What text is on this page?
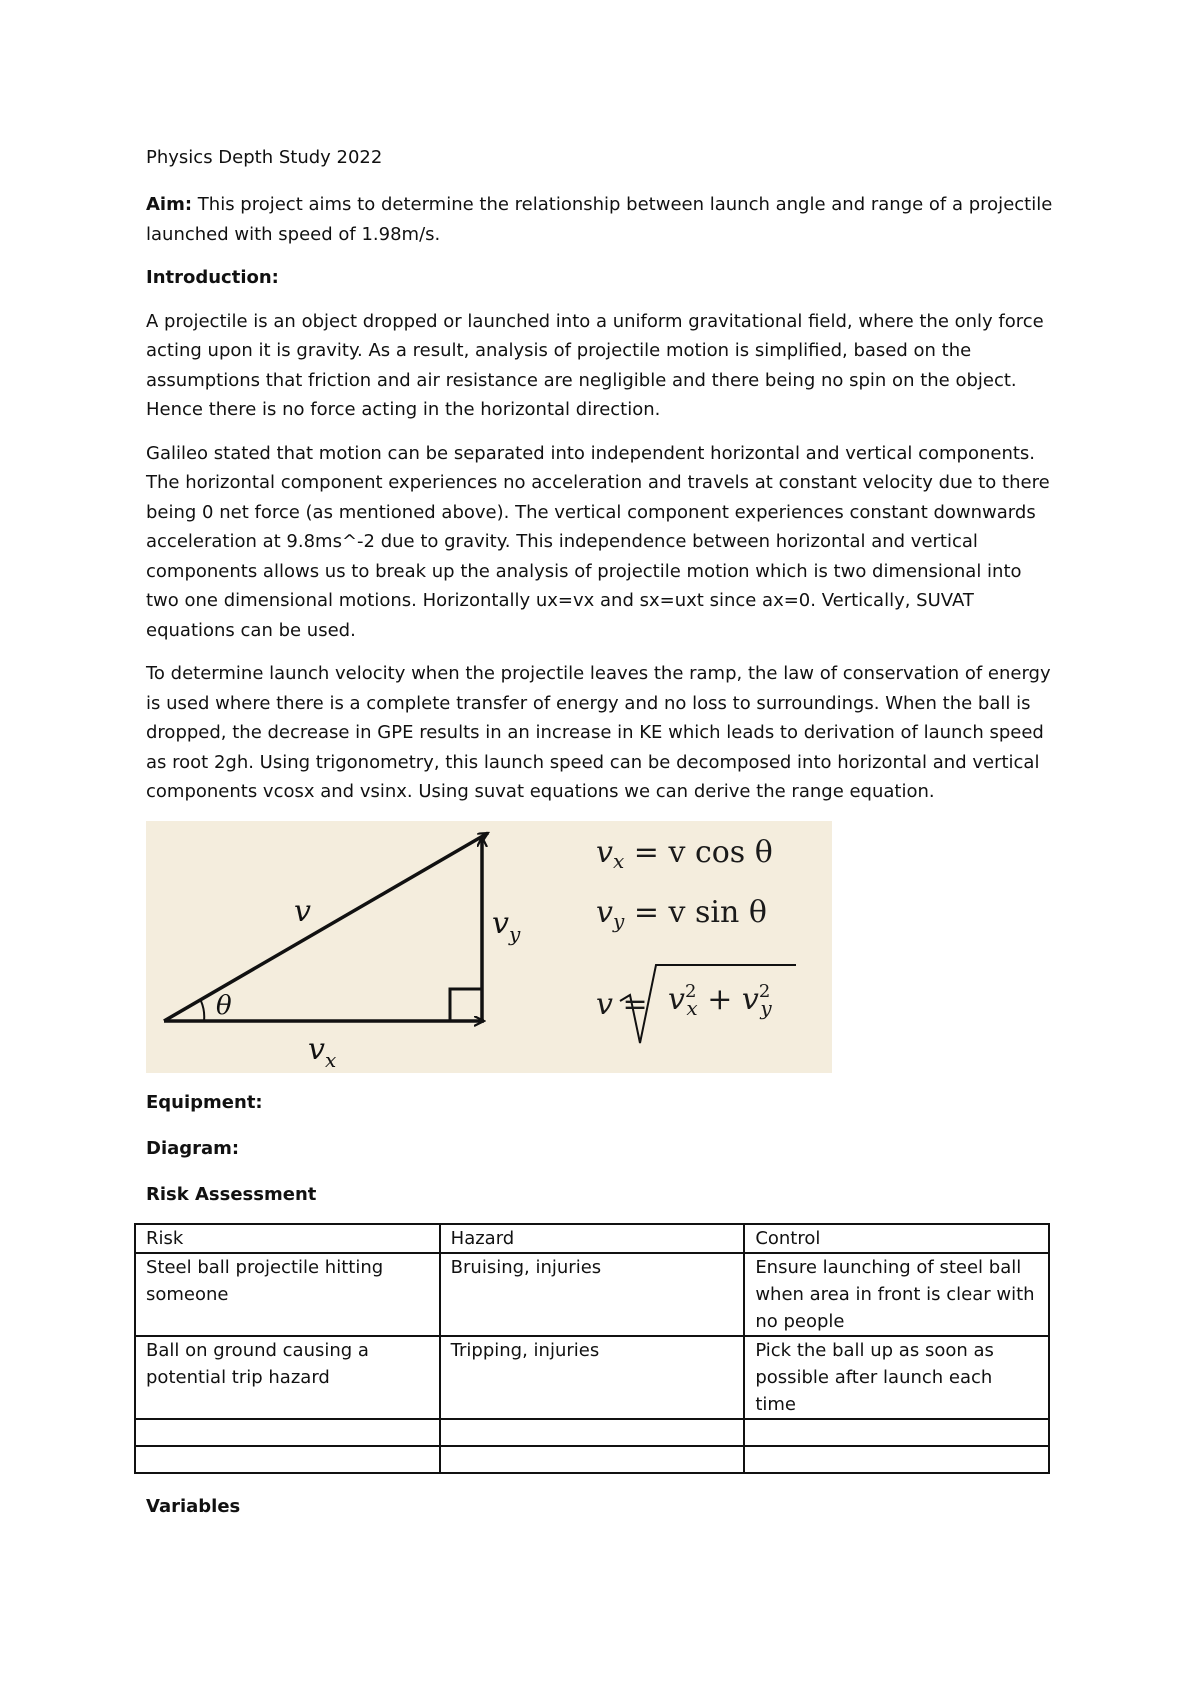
Physics Depth Study 2022

Aim: This project aims to determine the relationship between launch angle and range of a projectile launched with speed of 1.98m/s.

Introduction:

A projectile is an object dropped or launched into a uniform gravitational field, where the only force acting upon it is gravity. As a result, analysis of projectile motion is simplified, based on the assumptions that friction and air resistance are negligible and there being no spin on the object. Hence there is no force acting in the horizontal direction.

Galileo stated that motion can be separated into independent horizontal and vertical components. The horizontal component experiences no acceleration and travels at constant velocity due to there being 0 net force (as mentioned above). The vertical component experiences constant downwards acceleration at 9.8ms^-2 due to gravity. This independence between horizontal and vertical components allows us to break up the analysis of projectile motion which is two dimensional into two one dimensional motions. Horizontally ux=vx and sx=uxt since ax=0. Vertically, SUVAT equations can be used.

To determine launch velocity when the projectile leaves the ramp, the law of conservation of energy is used where there is a complete transfer of energy and no loss to surroundings. When the ball is dropped, the decrease in GPE results in an increase in KE which leads to derivation of launch speed as root 2gh. Using trigonometry, this launch speed can be decomposed into horizontal and vertical components vcosx and vsinx. Using suvat equations we can derive the range equation.

v
θ
$v_x$
$v_y$
$v_x = v$ cos θ
$v_y = v$ sin θ
$v = v^2_x + v^2_y$
Equipment:
Diagram:
Risk Assessment
Risk	Hazard	Control
Steel ball projectile hitting someone	Bruising, injuries	Ensure launching of steel ball when area in front is clear with no people
Ball on ground causing a potential trip hazard	Tripping, injuries	Pick the ball up as soon as possible after launch each time

Variables
